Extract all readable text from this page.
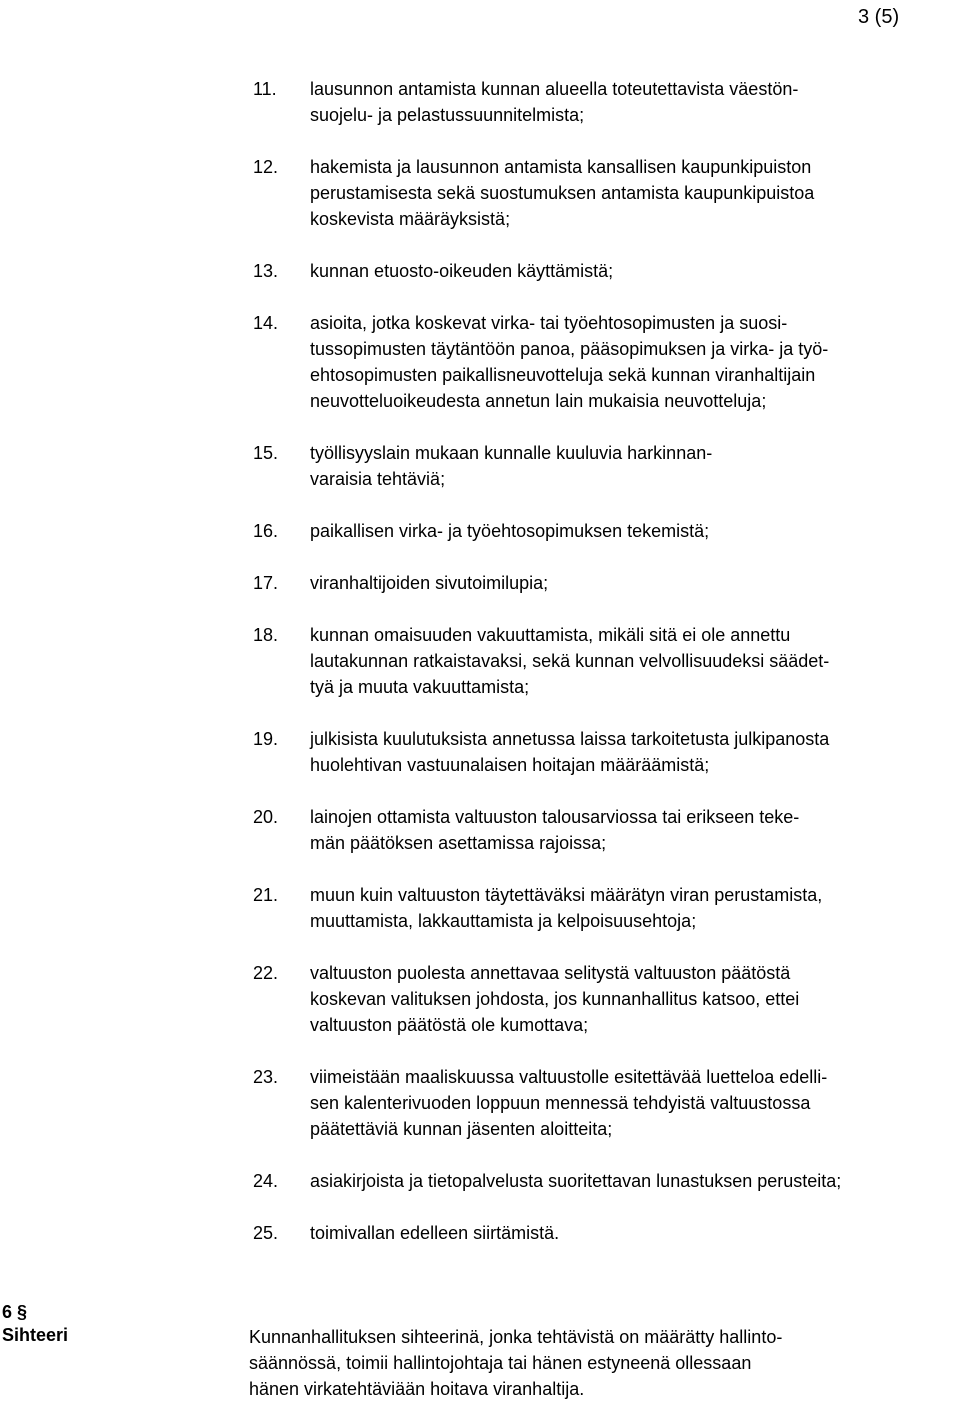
3 (5)
11. lausunnon antamista kunnan alueella toteutettavista väestön-
suojelu- ja pelastussuunnitelmista;
12. hakemista ja lausunnon antamista kansallisen kaupunkipuiston
perustamisesta sekä suostumuksen antamista kaupunkipuistoa
koskevista määräyksistä;
13. kunnan etuosto-oikeuden käyttämistä;
14. asioita, jotka koskevat virka- tai työehtosopimusten ja suosi-
tussopimusten täytäntöön panoa, pääsopimuksen ja virka- ja työ-
ehtosopimusten paikallisneuvotteluja sekä kunnan viranhaltijain
neuvotteluoikeudesta annetun lain mukaisia neuvotteluja;
15. työllisyyslain mukaan kunnalle kuuluvia harkinnan-
varaisia tehtäviä;
16. paikallisen virka- ja työehtosopimuksen tekemistä;
17. viranhaltijoiden sivutoimilupia;
18. kunnan omaisuuden vakuuttamista, mikäli sitä ei ole annettu
lautakunnan ratkaistavaksi, sekä kunnan velvollisuudeksi säädet-
tyä ja muuta vakuuttamista;
19. julkisista kuulutuksista annetussa laissa tarkoitetusta julkipanosta
huolehtivan vastuunalaisen hoitajan määräämistä;
20. lainojen ottamista valtuuston talousarviossa tai erikseen teke-
män päätöksen asettamissa rajoissa;
21. muun kuin valtuuston täytettäväksi määrätyn viran perustamista,
muuttamista, lakkauttamista ja kelpoisuusehtoja;
22. valtuuston puolesta annettavaa selitystä valtuuston päätöstä
koskevan valituksen johdosta, jos kunnanhallitus katsoo, ettei
valtuuston päätöstä ole kumottava;
23. viimeistään maaliskuussa valtuustolle esitettävää luetteloa edelli-
sen kalenterivuoden loppuun mennessä tehdyistä valtuustossa
päätettäviä kunnan jäsenten aloitteita;
24. asiakirjoista ja tietopalvelusta suoritettavan lunastuksen perusteita;
25. toimivallan edelleen siirtämistä.
6 §
Sihteeri	Kunnanhallituksen sihteerinä, jonka tehtävistä on määrätty hallinto-
säännössä, toimii hallintojohtaja tai hänen estyneenä ollessaan
hänen virkatehtäviään hoitava viranhaltija.
